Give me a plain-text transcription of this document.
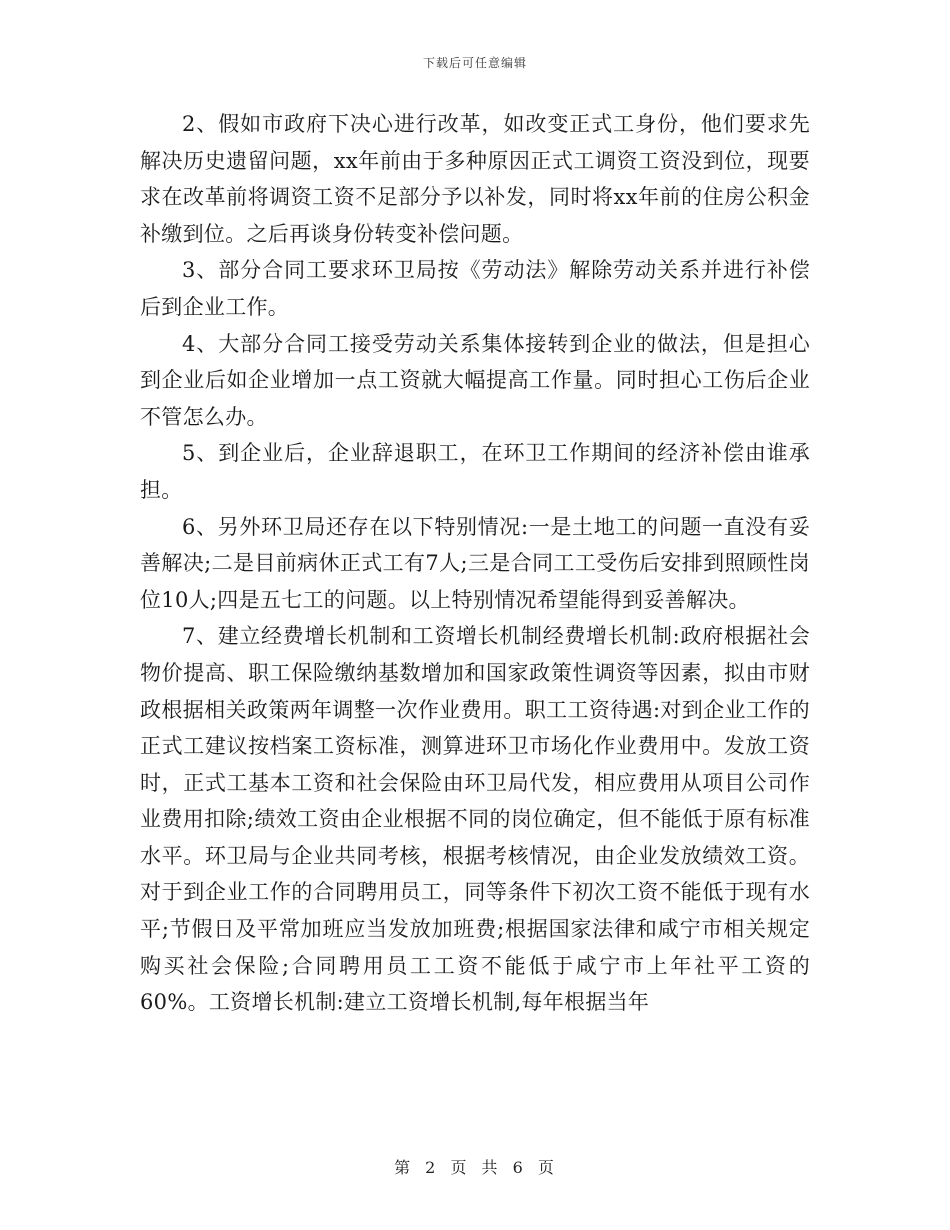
下载后可任意编辑

2、假如市政府下决心进行改革，如改变正式工身份，他们要求先解决历史遗留问题，xx年前由于多种原因正式工调资工资没到位，现要求在改革前将调资工资不足部分予以补发，同时将xx年前的住房公积金补缴到位。之后再谈身份转变补偿问题。

3、部分合同工要求环卫局按《劳动法》解除劳动关系并进行补偿后到企业工作。

4、大部分合同工接受劳动关系集体接转到企业的做法，但是担心到企业后如企业增加一点工资就大幅提高工作量。同时担心工伤后企业不管怎么办。

5、到企业后，企业辞退职工，在环卫工作期间的经济补偿由谁承担。

6、另外环卫局还存在以下特别情况:一是土地工的问题一直没有妥善解决;二是目前病休正式工有7人;三是合同工工受伤后安排到照顾性岗位10人;四是五七工的问题。以上特别情况希望能得到妥善解决。

7、建立经费增长机制和工资增长机制经费增长机制:政府根据社会物价提高、职工保险缴纳基数增加和国家政策性调资等因素，拟由市财政根据相关政策两年调整一次作业费用。职工工资待遇:对到企业工作的正式工建议按档案工资标准，测算进环卫市场化作业费用中。发放工资时，正式工基本工资和社会保险由环卫局代发，相应费用从项目公司作业费用扣除;绩效工资由企业根据不同的岗位确定，但不能低于原有标准水平。环卫局与企业共同考核，根据考核情况，由企业发放绩效工资。对于到企业工作的合同聘用员工，同等条件下初次工资不能低于现有水平;节假日及平常加班应当发放加班费;根据国家法律和咸宁市相关规定购买社会保险;合同聘用员工工资不能低于咸宁市上年社平工资的60%。工资增长机制:建立工资增长机制,每年根据当年

第 2 页 共 6 页
